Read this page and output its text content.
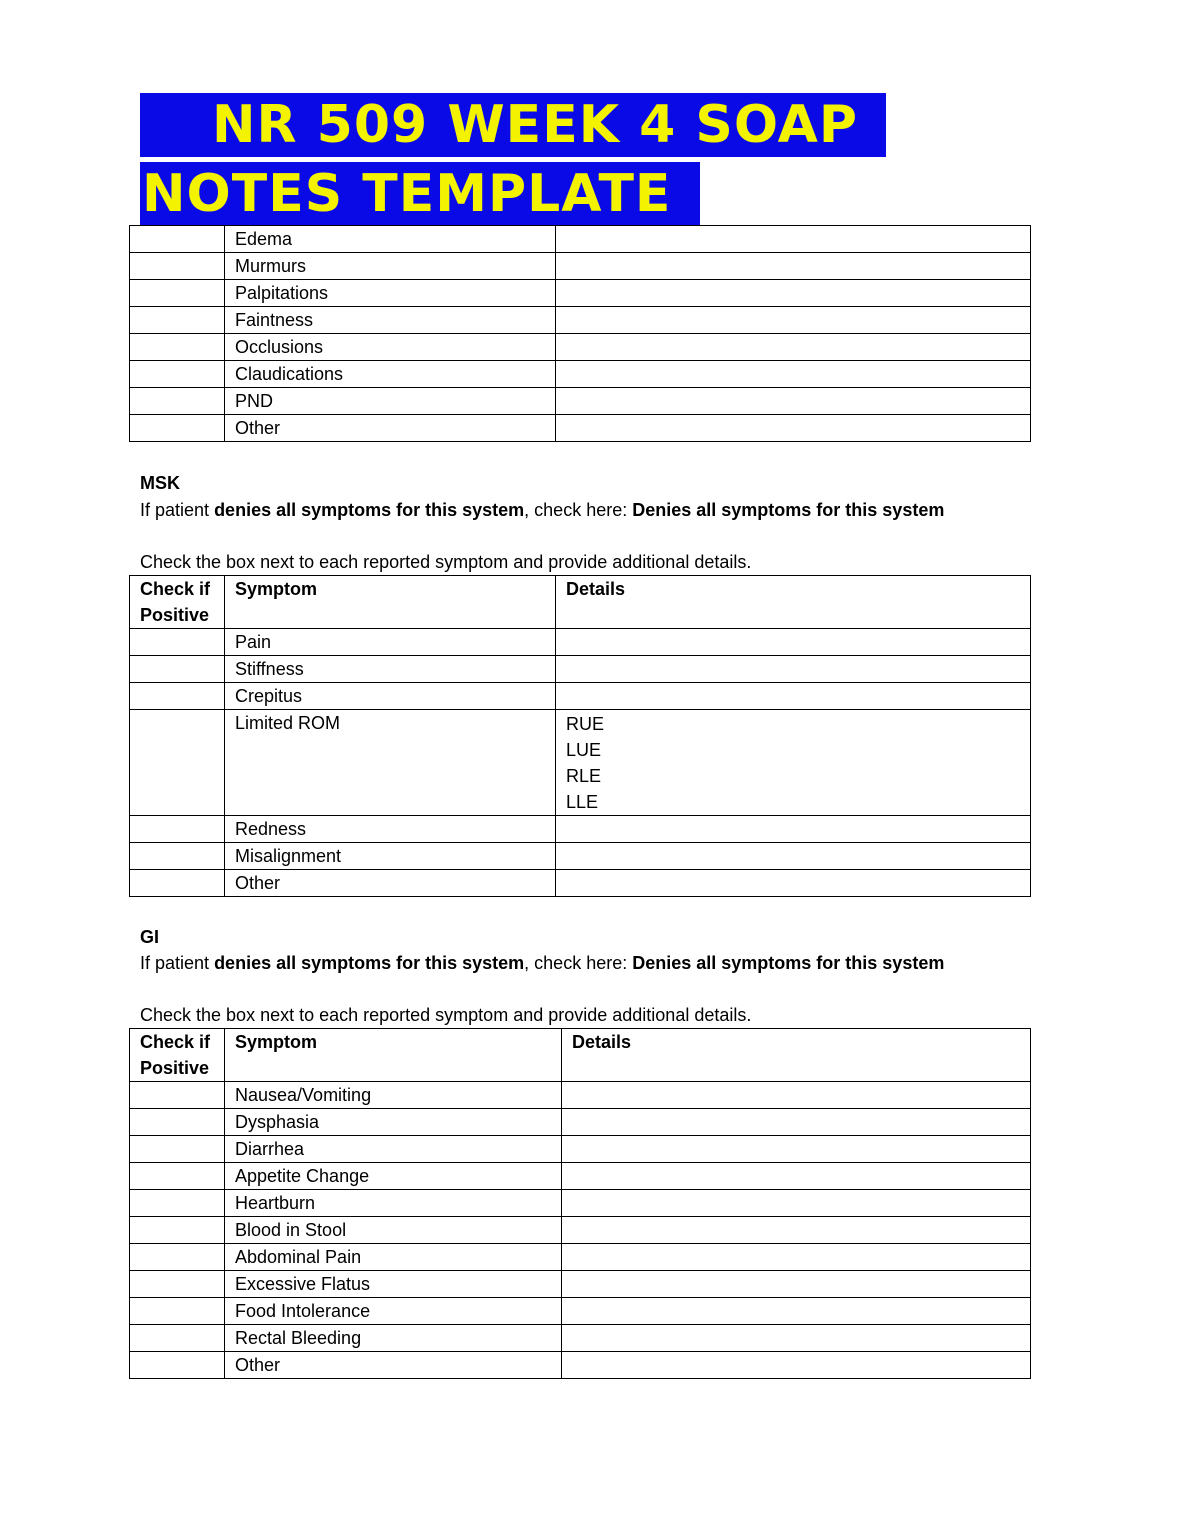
NR 509 WEEK 4 SOAP
NOTES TEMPLATE
	Edema	
	Murmurs	
	Palpitations	
	Faintness	
	Occlusions	
	Claudications	
	PND	
	Other	
MSK
If patient denies all symptoms for this system, check here: Denies all symptoms for this system
Check the box next to each reported symptom and provide additional details.
Check if Positive	Symptom	Details
	Pain	
	Stiffness	
	Crepitus	
	Limited ROM	RUE
LUE
RLE
LLE

	Redness	
	Misalignment	
	Other	
GI
If patient denies all symptoms for this system, check here: Denies all symptoms for this system
Check the box next to each reported symptom and provide additional details.
Check if Positive	Symptom	Details
	Nausea/Vomiting	
	Dysphasia	
	Diarrhea	
	Appetite Change	
	Heartburn	
	Blood in Stool	
	Abdominal Pain	
	Excessive Flatus	
	Food Intolerance	
	Rectal Bleeding	
	Other	
